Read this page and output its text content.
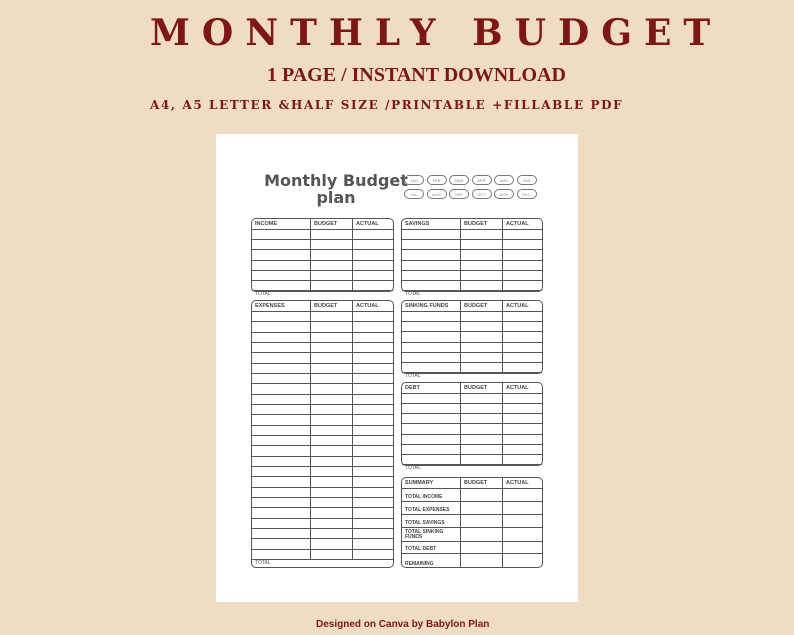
MONTHLY BUDGET
1 PAGE / INSTANT DOWNLOAD
A4, A5 LETTER &HALF SIZE /PRINTABLE +FILLABLE PDF
Monthly Budget
plan
JAN	FEB	MAR	APR	MAY	JUN
JUL	AUG	SEP	OCT	NOV	DEC
INCOME	BUDGET	ACTUAL
TOTAL
SAVINGS	BUDGET	ACTUAL
TOTAL
EXPENSES	BUDGET	ACTUAL
TOTAL
SINKING FUNDS	BUDGET	ACTUAL
TOTAL
DEBT	BUDGET	ACTUAL
TOTAL
SUMMARY	BUDGET	ACTUAL
TOTAL INCOME
TOTAL EXPENSES
TOTAL SAVINGS
TOTAL SINKING FUNDS
TOTAL DEBT
REMAINING
Designed on Canva by Babylon Plan
